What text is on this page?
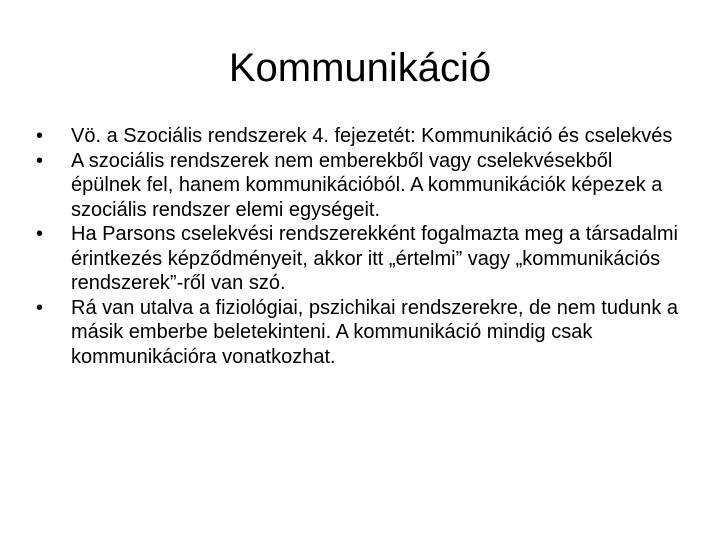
Kommunikáció
• Vö. a Szociális rendszerek 4. fejezetét: Kommunikáció és cselekvés
• A szociális rendszerek nem emberekből vagy cselekvésekből épülnek fel, hanem kommunikációból. A kommunikációk képezek a szociális rendszer elemi egységeit.
• Ha Parsons cselekvési rendszerekként fogalmazta meg a társadalmi érintkezés képződményeit, akkor itt „értelmi” vagy „kommunikációs rendszerek”-ről van szó.
• Rá van utalva a fiziológiai, pszichikai rendszerekre, de nem tudunk a másik emberbe beletekinteni. A kommunikáció mindig csak kommunikációra vonatkozhat.
